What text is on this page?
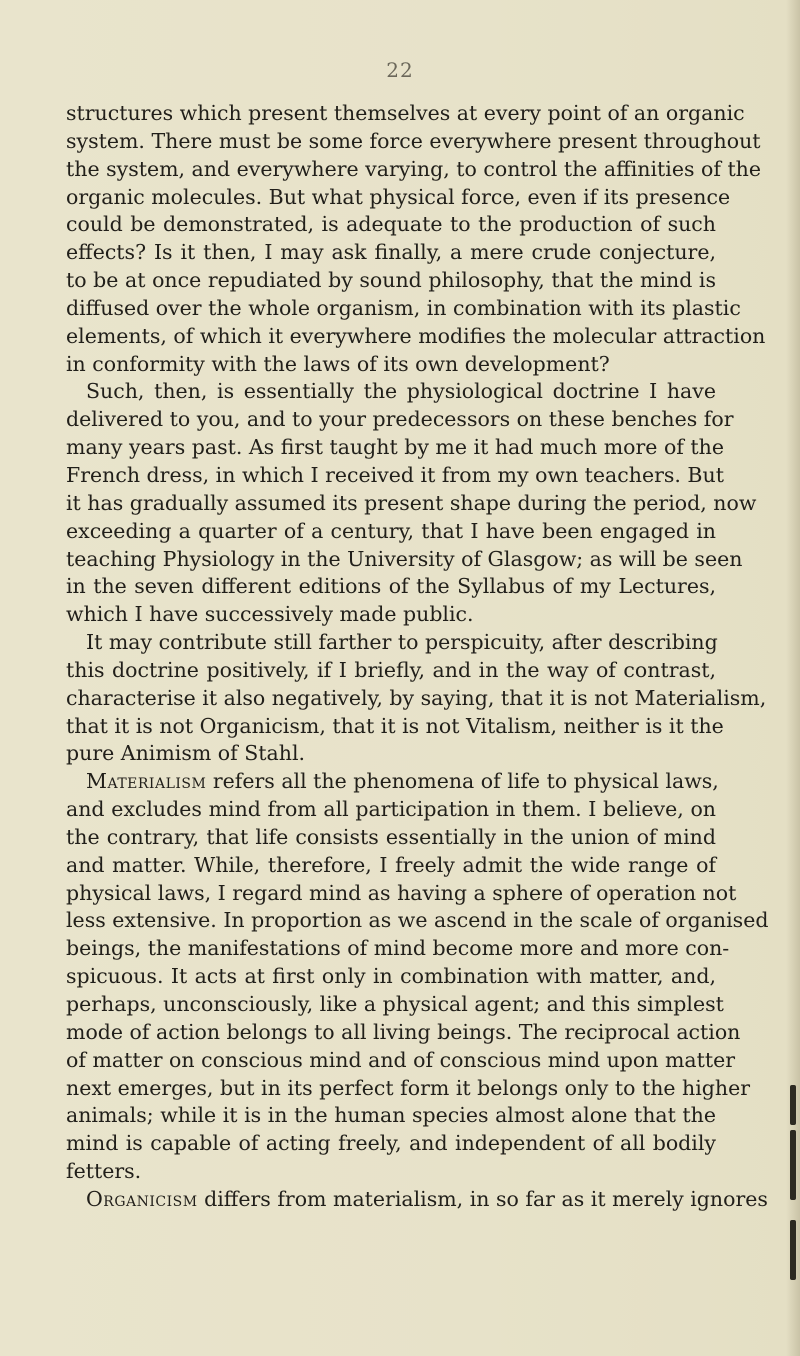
22
structures which present themselves at every point of an organic
system. There must be some force everywhere present throughout
the system, and everywhere varying, to control the affinities of the
organic molecules. But what physical force, even if its presence
could be demonstrated, is adequate to the production of such
effects? Is it then, I may ask finally, a mere crude conjecture,
to be at once repudiated by sound philosophy, that the mind is
diffused over the whole organism, in combination with its plastic
elements, of which it everywhere modifies the molecular attraction
in conformity with the laws of its own development?
Such, then, is essentially the physiological doctrine I have
delivered to you, and to your predecessors on these benches for
many years past. As first taught by me it had much more of the
French dress, in which I received it from my own teachers. But
it has gradually assumed its present shape during the period, now
exceeding a quarter of a century, that I have been engaged in
teaching Physiology in the University of Glasgow; as will be seen
in the seven different editions of the Syllabus of my Lectures,
which I have successively made public.
It may contribute still farther to perspicuity, after describing
this doctrine positively, if I briefly, and in the way of contrast,
characterise it also negatively, by saying, that it is not Materialism,
that it is not Organicism, that it is not Vitalism, neither is it the
pure Animism of Stahl.
Materialism refers all the phenomena of life to physical laws,
and excludes mind from all participation in them. I believe, on
the contrary, that life consists essentially in the union of mind
and matter. While, therefore, I freely admit the wide range of
physical laws, I regard mind as having a sphere of operation not
less extensive. In proportion as we ascend in the scale of organised
beings, the manifestations of mind become more and more con-
spicuous. It acts at first only in combination with matter, and,
perhaps, unconsciously, like a physical agent; and this simplest
mode of action belongs to all living beings. The reciprocal action
of matter on conscious mind and of conscious mind upon matter
next emerges, but in its perfect form it belongs only to the higher
animals; while it is in the human species almost alone that the
mind is capable of acting freely, and independent of all bodily
fetters.
Organicism differs from materialism, in so far as it merely ignores
